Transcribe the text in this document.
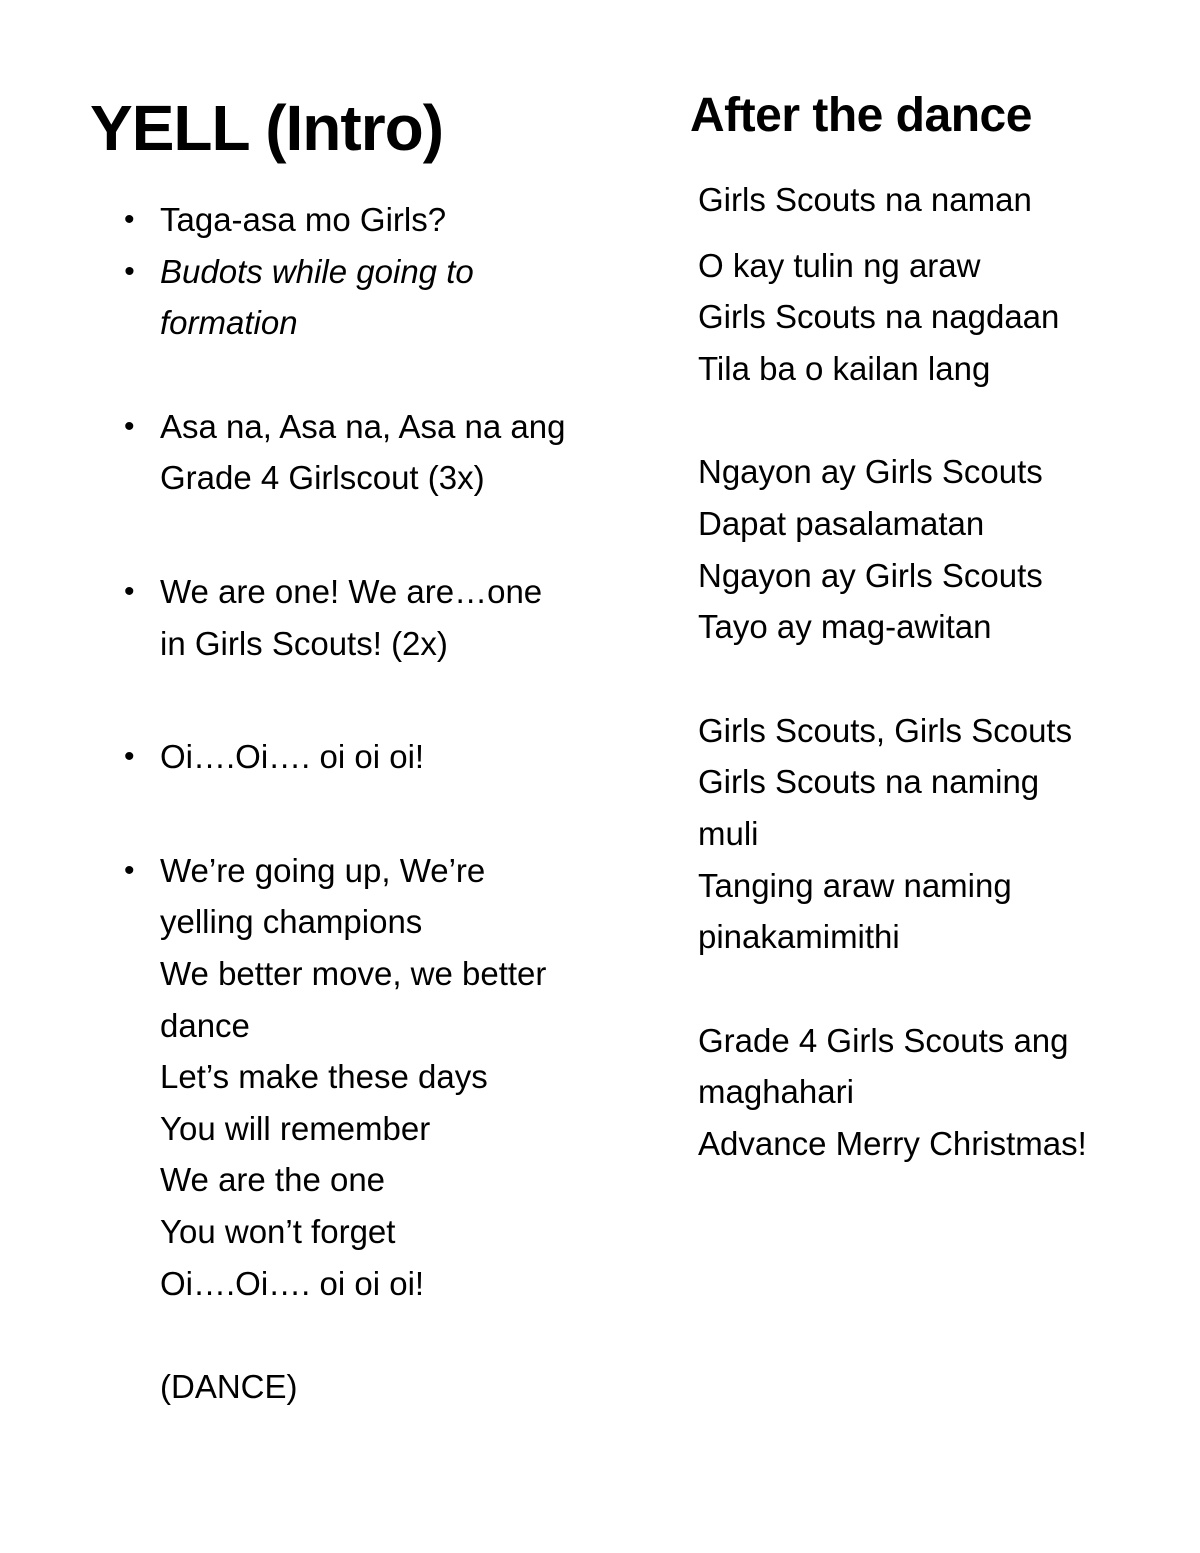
YELL (Intro)
• Taga-asa mo Girls?
• Budots while going to
formation
• Asa na, Asa na, Asa na ang
Grade 4 Girlscout (3x)
• We are one! We are…one
in Girls Scouts! (2x)
• Oi….Oi…. oi oi oi!
• We’re going up, We’re
yelling champions
We better move, we better
dance
Let’s make these days
You will remember
We are the one
You won’t forget
Oi….Oi…. oi oi oi!
(DANCE)
After the dance
Girls Scouts na naman
O kay tulin ng araw
Girls Scouts na nagdaan
Tila ba o kailan lang
Ngayon ay Girls Scouts
Dapat pasalamatan
Ngayon ay Girls Scouts
Tayo ay mag-awitan
Girls Scouts, Girls Scouts
Girls Scouts na naming
muli
Tanging araw naming
pinakamimithi
Grade 4 Girls Scouts ang
maghahari
Advance Merry Christmas!
